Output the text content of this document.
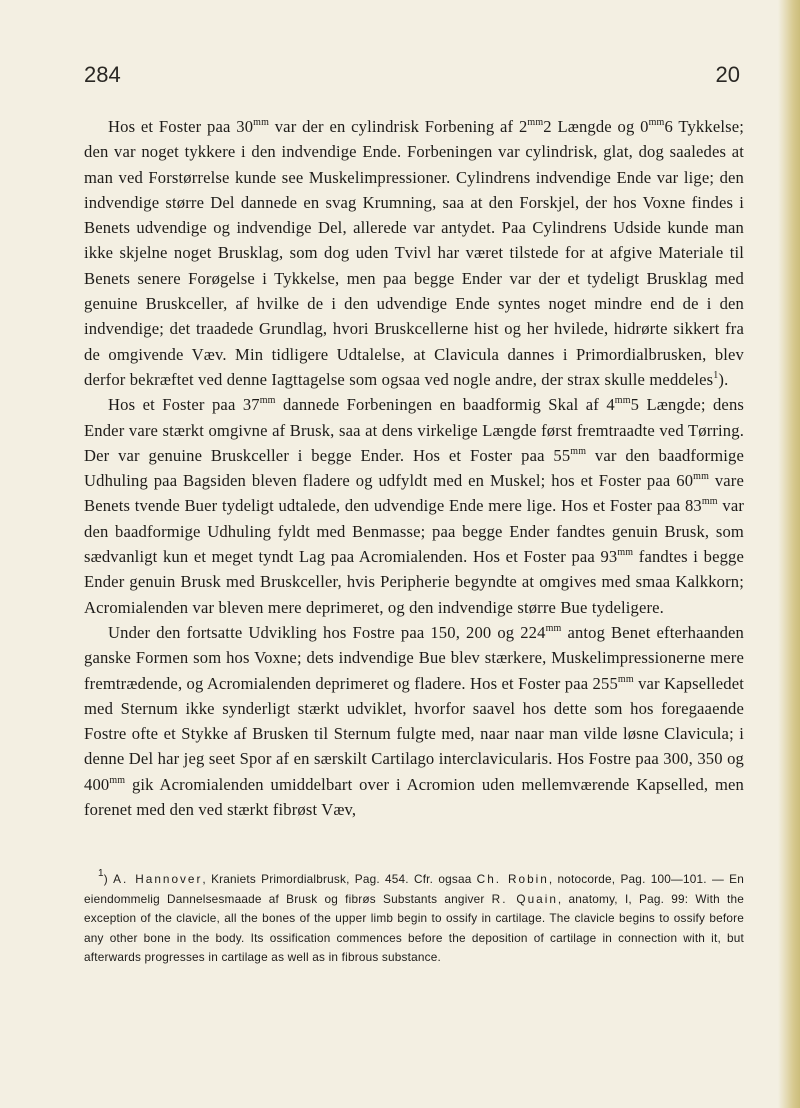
284	20

Hos et Foster paa $30^{mm}$ var der en cylindrisk Forbening af $2^{mm}2$ Længde og $0^{mm}6$ Tykkelse; den var noget tykkere i den indvendige Ende. Forbeningen var cylindrisk, glat, dog saaledes at man ved Forstørrelse kunde see Muskelimpressioner. Cylindrens indvendige Ende var lige; den indvendige større Del dannede en svag Krumning, saa at den Forskjel, der hos Voxne findes i Benets udvendige og indvendige Del, allerede var antydet. Paa Cylindrens Udside kunde man ikke skjelne noget Brusklag, som dog uden Tvivl har været tilstede for at afgive Materiale til Benets senere Forøgelse i Tykkelse, men paa begge Ender var der et tydeligt Brusklag med genuine Bruskceller, af hvilke de i den udvendige Ende syntes noget mindre end de i den indvendige; det traadede Grundlag, hvori Bruskcellerne hist og her hvilede, hidrørte sikkert fra de omgivende Væv. Min tidligere Udtalelse, at Clavicula dannes i Primordialbrusken, blev derfor bekræftet ved denne Iagttagelse som ogsaa ved nogle andre, der strax skulle meddeles$^1$).

Hos et Foster paa $37^{mm}$ dannede Forbeningen en baadformig Skal af $4^{mm}5$ Længde; dens Ender vare stærkt omgivne af Brusk, saa at dens virkelige Længde først fremtraadte ved Tørring. Der var genuine Bruskceller i begge Ender. Hos et Foster paa $55^{mm}$ var den baadformige Udhuling paa Bagsiden bleven fladere og udfyldt med en Muskel; hos et Foster paa $60^{mm}$ vare Benets tvende Buer tydeligt udtalede, den udvendige Ende mere lige. Hos et Foster paa $83^{mm}$ var den baadformige Udhuling fyldt med Benmasse; paa begge Ender fandtes genuin Brusk, som sædvanligt kun et meget tyndt Lag paa Acromialenden. Hos et Foster paa $93^{mm}$ fandtes i begge Ender genuin Brusk med Bruskceller, hvis Peripherie begyndte at omgives med smaa Kalkkorn; Acromialenden var bleven mere deprimeret, og den indvendige større Bue tydeligere.

Under den fortsatte Udvikling hos Fostre paa 150, 200 og $224^{mm}$ antog Benet efterhaanden ganske Formen som hos Voxne; dets indvendige Bue blev stærkere, Muskelimpressionerne mere fremtrædende, og Acromialenden deprimeret og fladere. Hos et Foster paa $255^{mm}$ var Kapselledet med Sternum ikke synderligt stærkt udviklet, hvorfor saavel hos dette som hos foregaaende Fostre ofte et Stykke af Brusken til Sternum fulgte med, naar naar man vilde løsne Clavicula; i denne Del har jeg seet Spor af en særskilt Cartilago interclavicularis. Hos Fostre paa 300, 350 og $400^{mm}$ gik Acromialenden umiddelbart over i Acromion uden mellemværende Kapselled, men forenet med den ved stærkt fibrøst Væv,

$^1$) A. Hannover, Kraniets Primordialbrusk, Pag. 454. Cfr. ogsaa Ch. Robin, notocorde, Pag. 100—101. — En eiendommelig Dannelsesmaade af Brusk og fibrøs Substants angiver R. Quain, anatomy, I, Pag. 99: With the exception of the clavicle, all the bones of the upper limb begin to ossify in cartilage. The clavicle begins to ossify before any other bone in the body. Its ossification commences before the deposition of cartilage in connection with it, but afterwards progresses in cartilage as well as in fibrous substance.
